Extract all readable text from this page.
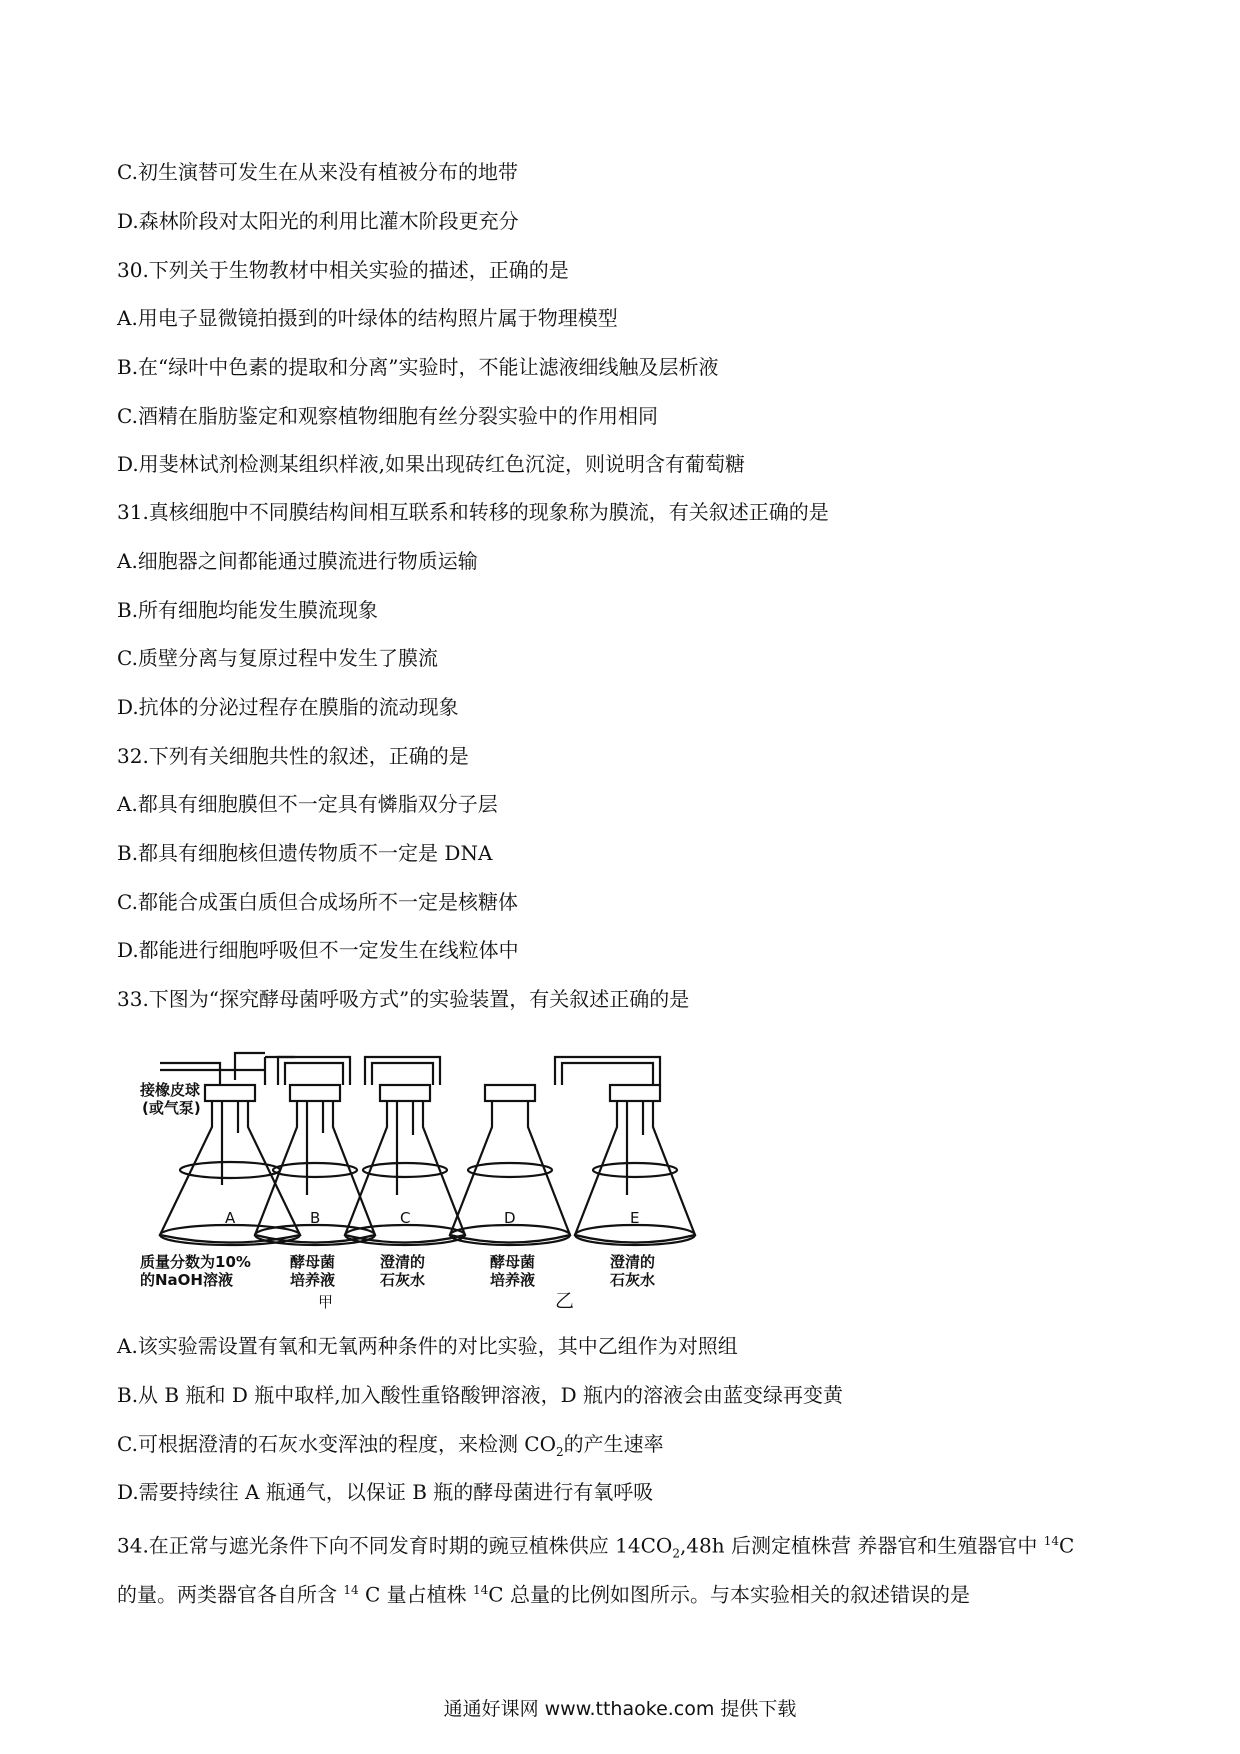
C.初生演替可发生在从来没有植被分布的地带
D.森林阶段对太阳光的利用比灌木阶段更充分
30.下列关于生物教材中相关实验的描述，正确的是
A.用电子显微镜拍摄到的叶绿体的结构照片属于物理模型
B.在“绿叶中色素的提取和分离”实验时，不能让滤液细线触及层析液
C.酒精在脂肪鉴定和观察植物细胞有丝分裂实验中的作用相同
D.用斐林试剂检测某组织样液,如果出现砖红色沉淀，则说明含有葡萄糖
31.真核细胞中不同膜结构间相互联系和转移的现象称为膜流，有关叙述正确的是
A.细胞器之间都能通过膜流进行物质运输
B.所有细胞均能发生膜流现象
C.质壁分离与复原过程中发生了膜流
D.抗体的分泌过程存在膜脂的流动现象
32.下列有关细胞共性的叙述，正确的是
A.都具有细胞膜但不一定具有憐脂双分子层
B.都具有细胞核但遗传物质不一定是 DNA
C.都能合成蛋白质但合成场所不一定是核糖体
D.都能进行细胞呼吸但不一定发生在线粒体中
33.下图为“探究酵母菌呼吸方式”的实验装置，有关叙述正确的是
接橡皮球
(或气泵)
A	B	C	D	E
质量分数为10%
的NaOH溶液
酵母菌
培养液
澄清的
石灰水
酵母菌
培养液
澄清的
石灰水
甲	乙
A.该实验需设置有氧和无氧两种条件的对比实验，其中乙组作为对照组
B.从 B 瓶和 D 瓶中取样,加入酸性重铬酸钾溶液，D 瓶内的溶液会由蓝变绿再变黄
C.可根据澄清的石灰水变浑浊的程度，来检测 $CO_2$的产生速率
D.需要持续往 A 瓶通气，以保证 B 瓶的酵母菌进行有氧呼吸
34.在正常与遮光条件下向不同发育时期的豌豆植株供应 $14CO_2,48h$ 后测定植株营 养器官和生殖器官中 $^{14}$C
的量。两类器官各自所含 $^{14}$ C 量占植株 $^{14}$C 总量的比例如图所示。与本实验相关的叙述错误的是
通通好课网 www.tthaoke.com 提供下载
